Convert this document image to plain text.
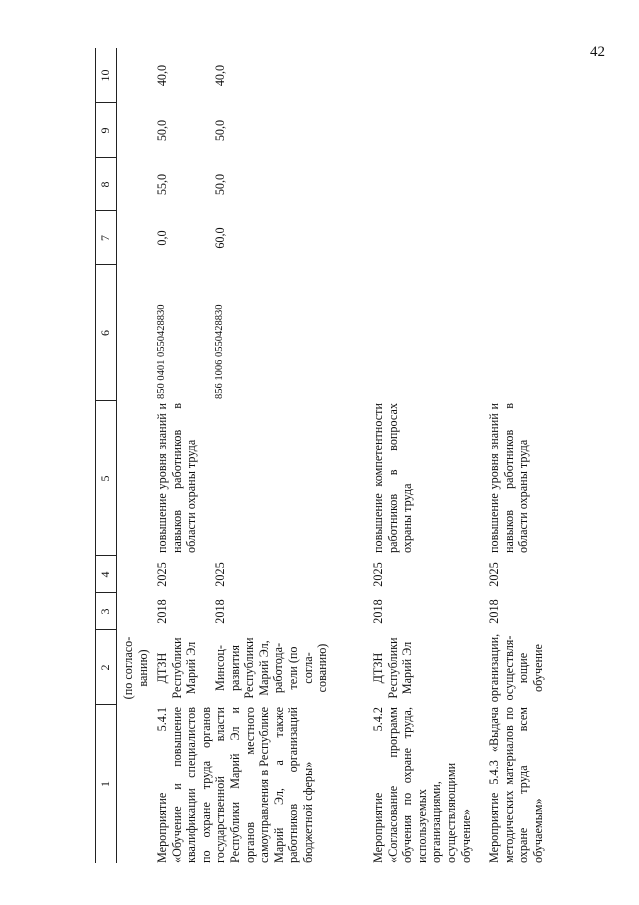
42
1
2
3
4
5
6
7
8
9
10
(по согласо-ванию)
Мероприятие 5.4.1 «Обучение и повышение квалификации специалистов по охране труда органов государственной власти Республики Марий Эл и органов местного самоуправления в Республике Марий Эл, а также работников организаций бюджетной сферы»
ДТЗН Республики Марий Эл Минсоц-развития Республики Марий Эл, работода-тели (по согла-сованию)
2018
2025
2018
2025
повышение уровня знаний и навыков работников в области охраны труда
850 0401 0550428830	856 1006 0550428830
0,0
55,0
50,0
40,0
60,0
50,0
50,0
40,0
Мероприятие 5.4.2 «Согласование программ обучения по охране труда, используемых организациями, осуществляющими обучение»
ДТЗН Республики Марий Эл
2018
2025
повышение компетентности работников в вопросах охраны труда
Мероприятие 5.4.3 «Выдача методических материалов по охране труда всем обучаемым»
организации, осуществля-ющие обучение
2018
2025
повышение уровня знаний и навыков работников в области охраны труда
